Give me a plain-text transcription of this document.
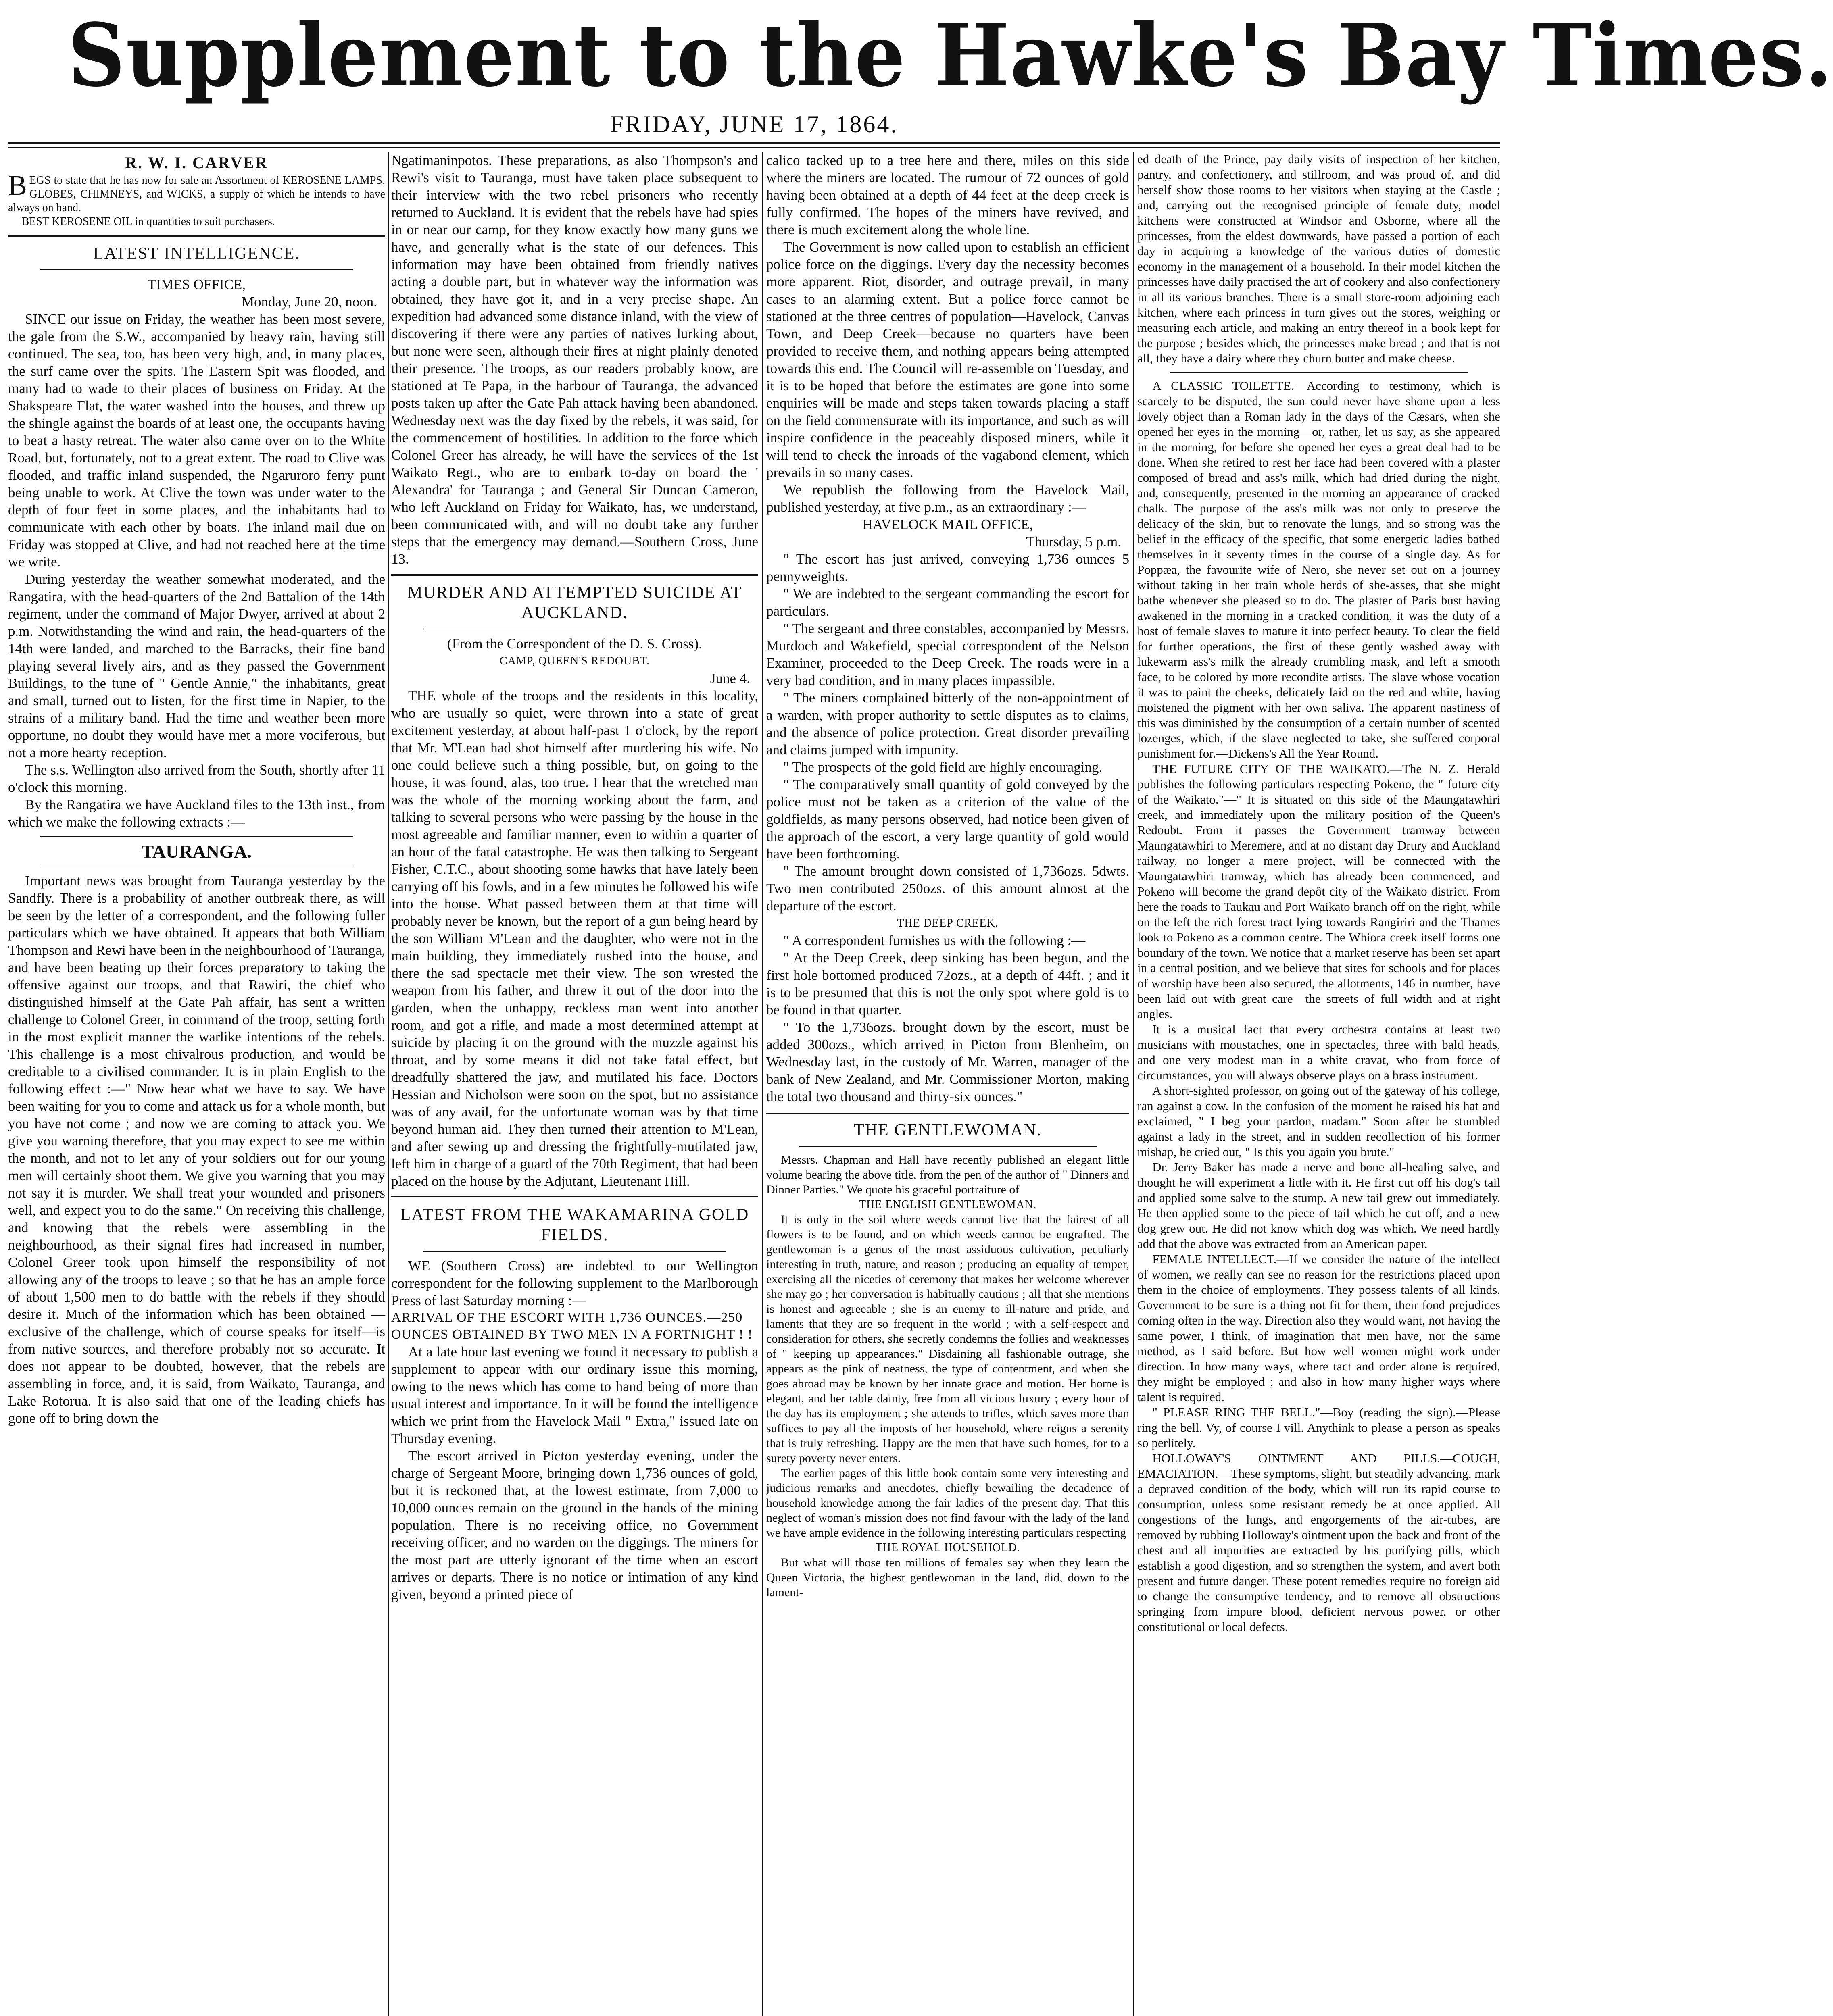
Supplement to the Hawke's Bay Times.
FRIDAY, JUNE 17, 1864.
R. W. I. CARVER

BEGS to state that he has now for sale an Assortment of KEROSENE LAMPS, GLOBES, CHIMNEYS, and WICKS, a supply of which he intends to have always on hand.

BEST KEROSENE OIL in quantities to suit purchasers.

LATEST INTELLIGENCE.

TIMES OFFICE,

Monday, June 20, noon.

SINCE our issue on Friday, the weather has been most severe, the gale from the S.W., accompanied by heavy rain, having still continued. The sea, too, has been very high, and, in many places, the surf came over the spits. The Eastern Spit was flooded, and many had to wade to their places of business on Friday. At the Shakspeare Flat, the water washed into the houses, and threw up the shingle against the boards of at least one, the occupants having to beat a hasty retreat. The water also came over on to the White Road, but, fortunately, not to a great extent. The road to Clive was flooded, and traffic inland suspended, the Ngaruroro ferry punt being unable to work. At Clive the town was under water to the depth of four feet in some places, and the inhabitants had to communicate with each other by boats. The inland mail due on Friday was stopped at Clive, and had not reached here at the time we write.

During yesterday the weather somewhat moderated, and the Rangatira, with the head-quarters of the 2nd Battalion of the 14th regiment, under the command of Major Dwyer, arrived at about 2 p.m. Notwithstanding the wind and rain, the head-quarters of the 14th were landed, and marched to the Barracks, their fine band playing several lively airs, and as they passed the Government Buildings, to the tune of " Gentle Annie," the inhabitants, great and small, turned out to listen, for the first time in Napier, to the strains of a military band. Had the time and weather been more opportune, no doubt they would have met a more vociferous, but not a more hearty reception.

The s.s. Wellington also arrived from the South, shortly after 11 o'clock this morning.

By the Rangatira we have Auckland files to the 13th inst., from which we make the following extracts :—

TAURANGA.

Important news was brought from Tauranga yesterday by the Sandfly. There is a probability of another outbreak there, as will be seen by the letter of a correspondent, and the following fuller particulars which we have obtained. It appears that both William Thompson and Rewi have been in the neighbourhood of Tauranga, and have been beating up their forces preparatory to taking the offensive against our troops, and that Rawiri, the chief who distinguished himself at the Gate Pah affair, has sent a written challenge to Colonel Greer, in command of the troop, setting forth in the most explicit manner the warlike intentions of the rebels. This challenge is a most chivalrous production, and would be creditable to a civilised commander. It is in plain English to the following effect :—" Now hear what we have to say. We have been waiting for you to come and attack us for a whole month, but you have not come ; and now we are coming to attack you. We give you warning therefore, that you may expect to see me within the month, and not to let any of your soldiers out for our young men will certainly shoot them. We give you warning that you may not say it is murder. We shall treat your wounded and prisoners well, and expect you to do the same." On receiving this challenge, and knowing that the rebels were assembling in the neighbourhood, as their signal fires had increased in number, Colonel Greer took upon himself the responsibility of not allowing any of the troops to leave ; so that he has an ample force of about 1,500 men to do battle with the rebels if they should desire it. Much of the information which has been obtained —exclusive of the challenge, which of course speaks for itself—is from native sources, and therefore probably not so accurate. It does not appear to be doubted, however, that the rebels are assembling in force, and, it is said, from Waikato, Tauranga, and Lake Rotorua. It is also said that one of the leading chiefs has gone off to bring down the

Ngatimaninpotos. These preparations, as also Thompson's and Rewi's visit to Tauranga, must have taken place subsequent to their interview with the two rebel prisoners who recently returned to Auckland. It is evident that the rebels have had spies in or near our camp, for they know exactly how many guns we have, and generally what is the state of our defences. This information may have been obtained from friendly natives acting a double part, but in whatever way the information was obtained, they have got it, and in a very precise shape. An expedition had advanced some distance inland, with the view of discovering if there were any parties of natives lurking about, but none were seen, although their fires at night plainly denoted their presence. The troops, as our readers probably know, are stationed at Te Papa, in the harbour of Tauranga, the advanced posts taken up after the Gate Pah attack having been abandoned. Wednesday next was the day fixed by the rebels, it was said, for the commencement of hostilities. In addition to the force which Colonel Greer has already, he will have the services of the 1st Waikato Regt., who are to embark to-day on board the ' Alexandra' for Tauranga ; and General Sir Duncan Cameron, who left Auckland on Friday for Waikato, has, we understand, been communicated with, and will no doubt take any further steps that the emergency may demand.—Southern Cross, June 13.

MURDER AND ATTEMPTED SUICIDE AT AUCKLAND.

(From the Correspondent of the D. S. Cross).

CAMP, QUEEN'S REDOUBT.

June 4.

THE whole of the troops and the residents in this locality, who are usually so quiet, were thrown into a state of great excitement yesterday, at about half-past 1 o'clock, by the report that Mr. M'Lean had shot himself after murdering his wife. No one could believe such a thing possible, but, on going to the house, it was found, alas, too true. I hear that the wretched man was the whole of the morning working about the farm, and talking to several persons who were passing by the house in the most agreeable and familiar manner, even to within a quarter of an hour of the fatal catastrophe. He was then talking to Sergeant Fisher, C.T.C., about shooting some hawks that have lately been carrying off his fowls, and in a few minutes he followed his wife into the house. What passed between them at that time will probably never be known, but the report of a gun being heard by the son William M'Lean and the daughter, who were not in the main building, they immediately rushed into the house, and there the sad spectacle met their view. The son wrested the weapon from his father, and threw it out of the door into the garden, when the unhappy, reckless man went into another room, and got a rifle, and made a most determined attempt at suicide by placing it on the ground with the muzzle against his throat, and by some means it did not take fatal effect, but dreadfully shattered the jaw, and mutilated his face. Doctors Hessian and Nicholson were soon on the spot, but no assistance was of any avail, for the unfortunate woman was by that time beyond human aid. They then turned their attention to M'Lean, and after sewing up and dressing the frightfully-mutilated jaw, left him in charge of a guard of the 70th Regiment, that had been placed on the house by the Adjutant, Lieutenant Hill.

LATEST FROM THE WAKAMARINA GOLD FIELDS.

WE (Southern Cross) are indebted to our Wellington correspondent for the following supplement to the Marlborough Press of last Saturday morning :—

ARRIVAL OF THE ESCORT WITH 1,736 OUNCES.—250 OUNCES OBTAINED BY TWO MEN IN A FORTNIGHT ! !

At a late hour last evening we found it necessary to publish a supplement to appear with our ordinary issue this morning, owing to the news which has come to hand being of more than usual interest and importance. In it will be found the intelligence which we print from the Havelock Mail " Extra," issued late on Thursday evening.

The escort arrived in Picton yesterday evening, under the charge of Sergeant Moore, bringing down 1,736 ounces of gold, but it is reckoned that, at the lowest estimate, from 7,000 to 10,000 ounces remain on the ground in the hands of the mining population. There is no receiving office, no Government receiving officer, and no warden on the diggings. The miners for the most part are utterly ignorant of the time when an escort arrives or departs. There is no notice or intimation of any kind given, beyond a printed piece of

calico tacked up to a tree here and there, miles on this side where the miners are located. The rumour of 72 ounces of gold having been obtained at a depth of 44 feet at the deep creek is fully confirmed. The hopes of the miners have revived, and there is much excitement along the whole line.

The Government is now called upon to establish an efficient police force on the diggings. Every day the necessity becomes more apparent. Riot, disorder, and outrage prevail, in many cases to an alarming extent. But a police force cannot be stationed at the three centres of population—Havelock, Canvas Town, and Deep Creek—because no quarters have been provided to receive them, and nothing appears being attempted towards this end. The Council will re-assemble on Tuesday, and it is to be hoped that before the estimates are gone into some enquiries will be made and steps taken towards placing a staff on the field commensurate with its importance, and such as will inspire confidence in the peaceably disposed miners, while it will tend to check the inroads of the vagabond element, which prevails in so many cases.

We republish the following from the Havelock Mail, published yesterday, at five p.m., as an extraordinary :—

HAVELOCK MAIL OFFICE,

Thursday, 5 p.m.

" The escort has just arrived, conveying 1,736 ounces 5 pennyweights.

" We are indebted to the sergeant commanding the escort for particulars.

" The sergeant and three constables, accompanied by Messrs. Murdoch and Wakefield, special correspondent of the Nelson Examiner, proceeded to the Deep Creek. The roads were in a very bad condition, and in many places impassible.

" The miners complained bitterly of the non-appointment of a warden, with proper authority to settle disputes as to claims, and the absence of police protection. Great disorder prevailing and claims jumped with impunity.

" The prospects of the gold field are highly encouraging.

" The comparatively small quantity of gold conveyed by the police must not be taken as a criterion of the value of the goldfields, as many persons observed, had notice been given of the approach of the escort, a very large quantity of gold would have been forthcoming.

" The amount brought down consisted of 1,736ozs. 5dwts. Two men contributed 250ozs. of this amount almost at the departure of the escort.

THE DEEP CREEK.

" A correspondent furnishes us with the following :—

" At the Deep Creek, deep sinking has been begun, and the first hole bottomed produced 72ozs., at a depth of 44ft. ; and it is to be presumed that this is not the only spot where gold is to be found in that quarter.

" To the 1,736ozs. brought down by the escort, must be added 300ozs., which arrived in Picton from Blenheim, on Wednesday last, in the custody of Mr. Warren, manager of the bank of New Zealand, and Mr. Commissioner Morton, making the total two thousand and thirty-six ounces."

THE GENTLEWOMAN.

Messrs. Chapman and Hall have recently published an elegant little volume bearing the above title, from the pen of the author of " Dinners and Dinner Parties." We quote his graceful portraiture of

THE ENGLISH GENTLEWOMAN.

It is only in the soil where weeds cannot live that the fairest of all flowers is to be found, and on which weeds cannot be engrafted. The gentlewoman is a genus of the most assiduous cultivation, peculiarly interesting in truth, nature, and reason ; producing an equality of temper, exercising all the niceties of ceremony that makes her welcome wherever she may go ; her conversation is habitually cautious ; all that she mentions is honest and agreeable ; she is an enemy to ill-nature and pride, and laments that they are so frequent in the world ; with a self-respect and consideration for others, she secretly condemns the follies and weaknesses of " keeping up appearances." Disdaining all fashionable outrage, she appears as the pink of neatness, the type of contentment, and when she goes abroad may be known by her innate grace and motion. Her home is elegant, and her table dainty, free from all vicious luxury ; every hour of the day has its employment ; she attends to trifles, which saves more than suffices to pay all the imposts of her household, where reigns a serenity that is truly refreshing. Happy are the men that have such homes, for to a surety poverty never enters.

The earlier pages of this little book contain some very interesting and judicious remarks and anecdotes, chiefly bewailing the decadence of household knowledge among the fair ladies of the present day. That this neglect of woman's mission does not find favour with the lady of the land we have ample evidence in the following interesting particulars respecting

THE ROYAL HOUSEHOLD.

But what will those ten millions of females say when they learn the Queen Victoria, the highest gentlewoman in the land, did, down to the lament-

ed death of the Prince, pay daily visits of inspection of her kitchen, pantry, and confectionery, and stillroom, and was proud of, and did herself show those rooms to her visitors when staying at the Castle ; and, carrying out the recognised principle of female duty, model kitchens were constructed at Windsor and Osborne, where all the princesses, from the eldest downwards, have passed a portion of each day in acquiring a knowledge of the various duties of domestic economy in the management of a household. In their model kitchen the princesses have daily practised the art of cookery and also confectionery in all its various branches. There is a small store-room adjoining each kitchen, where each princess in turn gives out the stores, weighing or measuring each article, and making an entry thereof in a book kept for the purpose ; besides which, the princesses make bread ; and that is not all, they have a dairy where they churn butter and make cheese.

A CLASSIC TOILETTE.—According to testimony, which is scarcely to be disputed, the sun could never have shone upon a less lovely object than a Roman lady in the days of the Cæsars, when she opened her eyes in the morning—or, rather, let us say, as she appeared in the morning, for before she opened her eyes a great deal had to be done. When she retired to rest her face had been covered with a plaster composed of bread and ass's milk, which had dried during the night, and, consequently, presented in the morning an appearance of cracked chalk. The purpose of the ass's milk was not only to preserve the delicacy of the skin, but to renovate the lungs, and so strong was the belief in the efficacy of the specific, that some energetic ladies bathed themselves in it seventy times in the course of a single day. As for Poppæa, the favourite wife of Nero, she never set out on a journey without taking in her train whole herds of she-asses, that she might bathe whenever she pleased so to do. The plaster of Paris bust having awakened in the morning in a cracked condition, it was the duty of a host of female slaves to mature it into perfect beauty. To clear the field for further operations, the first of these gently washed away with lukewarm ass's milk the already crumbling mask, and left a smooth face, to be colored by more recondite artists. The slave whose vocation it was to paint the cheeks, delicately laid on the red and white, having moistened the pigment with her own saliva. The apparent nastiness of this was diminished by the consumption of a certain number of scented lozenges, which, if the slave neglected to take, she suffered corporal punishment for.—Dickens's All the Year Round.

THE FUTURE CITY OF THE WAIKATO.—The N. Z. Herald publishes the following particulars respecting Pokeno, the " future city of the Waikato."—" It is situated on this side of the Maungatawhiri creek, and immediately upon the military position of the Queen's Redoubt. From it passes the Government tramway between Maungatawhiri to Meremere, and at no distant day Drury and Auckland railway, no longer a mere project, will be connected with the Maungatawhiri tramway, which has already been commenced, and Pokeno will become the grand depôt city of the Waikato district. From here the roads to Taukau and Port Waikato branch off on the right, while on the left the rich forest tract lying towards Rangiriri and the Thames look to Pokeno as a common centre. The Whiora creek itself forms one boundary of the town. We notice that a market reserve has been set apart in a central position, and we believe that sites for schools and for places of worship have been also secured, the allotments, 146 in number, have been laid out with great care—the streets of full width and at right angles.

It is a musical fact that every orchestra contains at least two musicians with moustaches, one in spectacles, three with bald heads, and one very modest man in a white cravat, who from force of circumstances, you will always observe plays on a brass instrument.

A short-sighted professor, on going out of the gateway of his college, ran against a cow. In the confusion of the moment he raised his hat and exclaimed, " I beg your pardon, madam." Soon after he stumbled against a lady in the street, and in sudden recollection of his former mishap, he cried out, " Is this you again you brute."

Dr. Jerry Baker has made a nerve and bone all-healing salve, and thought he will experiment a little with it. He first cut off his dog's tail and applied some salve to the stump. A new tail grew out immediately. He then applied some to the piece of tail which he cut off, and a new dog grew out. He did not know which dog was which. We need hardly add that the above was extracted from an American paper.

FEMALE INTELLECT.—If we consider the nature of the intellect of women, we really can see no reason for the restrictions placed upon them in the choice of employments. They possess talents of all kinds. Government to be sure is a thing not fit for them, their fond prejudices coming often in the way. Direction also they would want, not having the same power, I think, of imagination that men have, nor the same method, as I said before. But how well women might work under direction. In how many ways, where tact and order alone is required, they might be employed ; and also in how many higher ways where talent is required.

" PLEASE RING THE BELL."—Boy (reading the sign).—Please ring the bell. Vy, of course I vill. Anythink to please a person as speaks so perlitely.

HOLLOWAY'S OINTMENT AND PILLS.—COUGH, EMACIATION.—These symptoms, slight, but steadily advancing, mark a depraved condition of the body, which will run its rapid course to consumption, unless some resistant remedy be at once applied. All congestions of the lungs, and engorgements of the air-tubes, are removed by rubbing Holloway's ointment upon the back and front of the chest and all impurities are extracted by his purifying pills, which establish a good digestion, and so strengthen the system, and avert both present and future danger. These potent remedies require no foreign aid to change the consumptive tendency, and to remove all obstructions springing from impure blood, deficient nervous power, or other constitutional or local defects.
